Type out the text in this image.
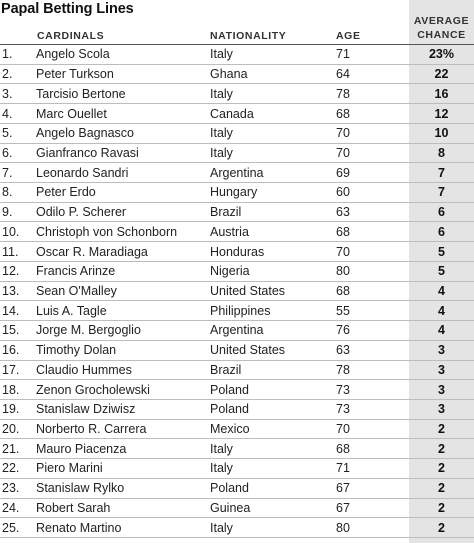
Papal Betting Lines
CARDINALS	NATIONALITY	AGE
AVERAGE
CHANCE
1. Angelo Scola	Italy	71	23%
2. Peter Turkson	Ghana	64	22
3. Tarcisio Bertone	Italy	78	16
4. Marc Ouellet	Canada	68	12
5. Angelo Bagnasco	Italy	70	10
6. Gianfranco Ravasi	Italy	70	8
7. Leonardo Sandri	Argentina	69	7
8. Peter Erdo	Hungary	60	7
9. Odilo P. Scherer	Brazil	63	6
10. Christoph von Schonborn	Austria	68	6
11. Oscar R. Maradiaga	Honduras	70	5
12. Francis Arinze	Nigeria	80	5
13. Sean O'Malley	United States	68	4
14. Luis A. Tagle	Philippines	55	4
15. Jorge M. Bergoglio	Argentina	76	4
16. Timothy Dolan	United States	63	3
17. Claudio Hummes	Brazil	78	3
18. Zenon Grocholewski	Poland	73	3
19. Stanislaw Dziwisz	Poland	73	3
20. Norberto R. Carrera	Mexico	70	2
21. Mauro Piacenza	Italy	68	2
22. Piero Marini	Italy	71	2
23. Stanislaw Rylko	Poland	67	2
24. Robert Sarah	Guinea	67	2
25. Renato Martino	Italy	80	2
